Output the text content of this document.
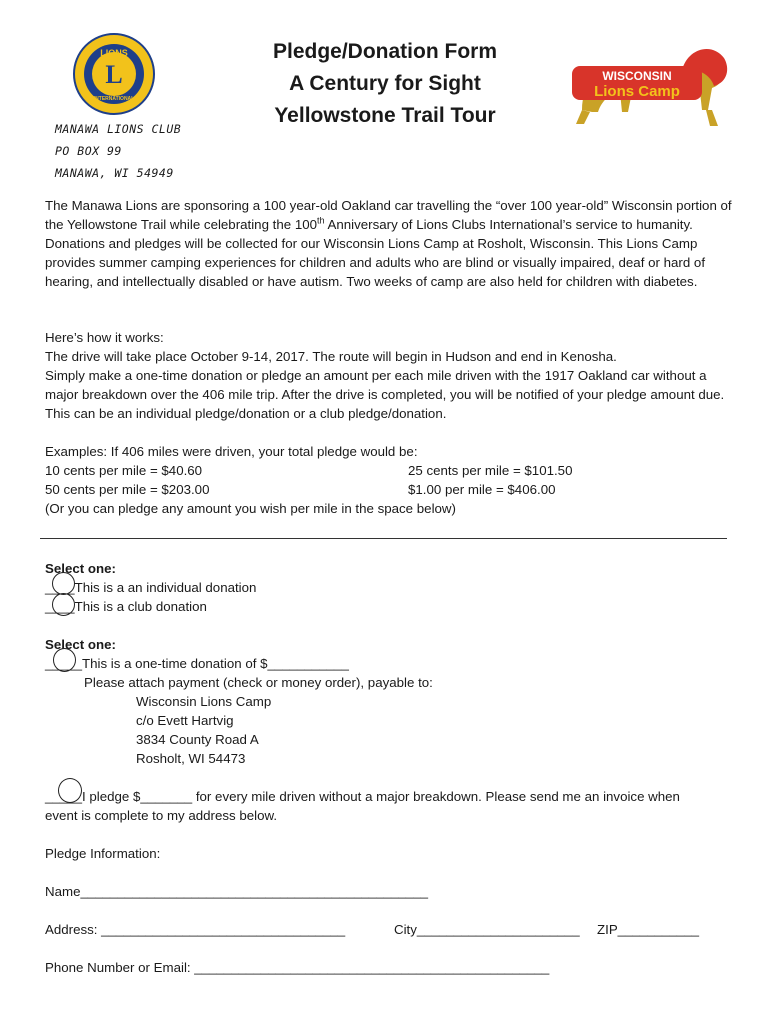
L
LIONS
INTERNATIONAL
Pledge/Donation Form
A Century for Sight
Yellowstone Trail Tour
WISCONSIN
Lions Camp
MANAWA LIONS CLUB
PO BOX 99
MANAWA, WI 54949

The Manawa Lions are sponsoring a 100 year-old Oakland car travelling the “over 100 year-old” Wisconsin portion of the Yellowstone Trail while celebrating the 100th Anniversary of Lions Clubs International’s service to humanity. Donations and pledges will be collected for our Wisconsin Lions Camp at Rosholt, Wisconsin. This Lions Camp provides summer camping experiences for children and adults who are blind or visually impaired, deaf or hard of hearing, and intellectually disabled or have autism. Two weeks of camp are also held for children with diabetes.

Here’s how it works:
The drive will take place October 9-14, 2017. The route will begin in Hudson and end in Kenosha.
Simply make a one-time donation or pledge an amount per each mile driven with the 1917 Oakland car without a major breakdown over the 406 mile trip. After the drive is completed, you will be notified of your pledge amount due. This can be an individual pledge/donation or a club pledge/donation.
Examples: If 406 miles were driven, your total pledge would be:
10 cents per mile = $40.60	25 cents per mile = $101.50
50 cents per mile = $203.00	$1.00 per mile = $406.00
(Or you can pledge any amount you wish per mile in the space below)
Select one:
____This is a an individual donation
____This is a club donation
Select one:
_____This is a one-time donation of $___________
Please attach payment (check or money order), payable to:
Wisconsin Lions Camp
c/o Evett Hartvig
3834 County Road A
Rosholt, WI 54473
_____I pledge $_______ for every mile driven without a major breakdown. Please send me an invoice when
event is complete to my address below.
Pledge Information:
Name_______________________________________________
Address: _________________________________	City______________________ ZIP___________
Phone Number or Email: ________________________________________________
